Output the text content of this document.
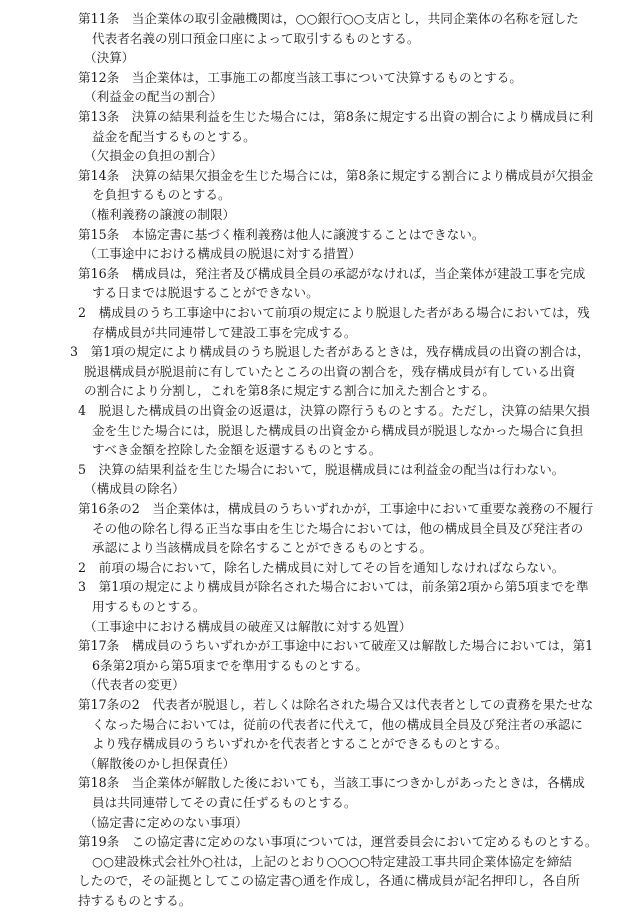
第11条　当企業体の取引金融機関は，○○銀行○○支店とし，共同企業体の名称を冠した
代表者名義の別口預金口座によって取引するものとする。
（決算）
第12条　当企業体は，工事施工の都度当該工事について決算するものとする。
（利益金の配当の割合）
第13条　決算の結果利益を生じた場合には，第8条に規定する出資の割合により構成員に利
益金を配当するものとする。
（欠損金の負担の割合）
第14条　決算の結果欠損金を生じた場合には，第8条に規定する割合により構成員が欠損金
を負担するものとする。
（権利義務の譲渡の制限）
第15条　本協定書に基づく権利義務は他人に譲渡することはできない。
（工事途中における構成員の脱退に対する措置）
第16条　構成員は，発注者及び構成員全員の承認がなければ，当企業体が建設工事を完成
する日までは脱退することができない。
2　構成員のうち工事途中において前項の規定により脱退した者がある場合においては，残
存構成員が共同連帯して建設工事を完成する。
3　第1項の規定により構成員のうち脱退した者があるときは，残存構成員の出資の割合は，
脱退構成員が脱退前に有していたところの出資の割合を，残存構成員が有している出資
の割合により分割し，これを第8条に規定する割合に加えた割合とする。
4　脱退した構成員の出資金の返還は，決算の際行うものとする。ただし，決算の結果欠損
金を生じた場合には，脱退した構成員の出資金から構成員が脱退しなかった場合に負担
すべき金額を控除した金額を返還するものとする。
5　決算の結果利益を生じた場合において，脱退構成員には利益金の配当は行わない。
（構成員の除名）
第16条の2　当企業体は，構成員のうちいずれかが，工事途中において重要な義務の不履行
その他の除名し得る正当な事由を生じた場合においては，他の構成員全員及び発注者の
承認により当該構成員を除名することができるものとする。
2　前項の場合において，除名した構成員に対してその旨を通知しなければならない。
3　第1項の規定により構成員が除名された場合においては，前条第2項から第5項までを準
用するものとする。
（工事途中における構成員の破産又は解散に対する処置）
第17条　構成員のうちいずれかが工事途中において破産又は解散した場合においては，第1
6条第2項から第5項までを準用するものとする。
（代表者の変更）
第17条の2　代表者が脱退し，若しくは除名された場合又は代表者としての責務を果たせな
くなった場合においては，従前の代表者に代えて，他の構成員全員及び発注者の承認に
より残存構成員のうちいずれかを代表者とすることができるものとする。
（解散後のかし担保責任）
第18条　当企業体が解散した後においても，当該工事につきかしがあったときは，各構成
員は共同連帯してその責に任ずるものとする。
（協定書に定めのない事項）
第19条　この協定書に定めのない事項については，運営委員会において定めるものとする。
○○建設株式会社外○社は，上記のとおり○○○○特定建設工事共同企業体協定を締結
したので，その証拠としてこの協定書○通を作成し，各通に構成員が記名押印し，各自所
持するものとする。
